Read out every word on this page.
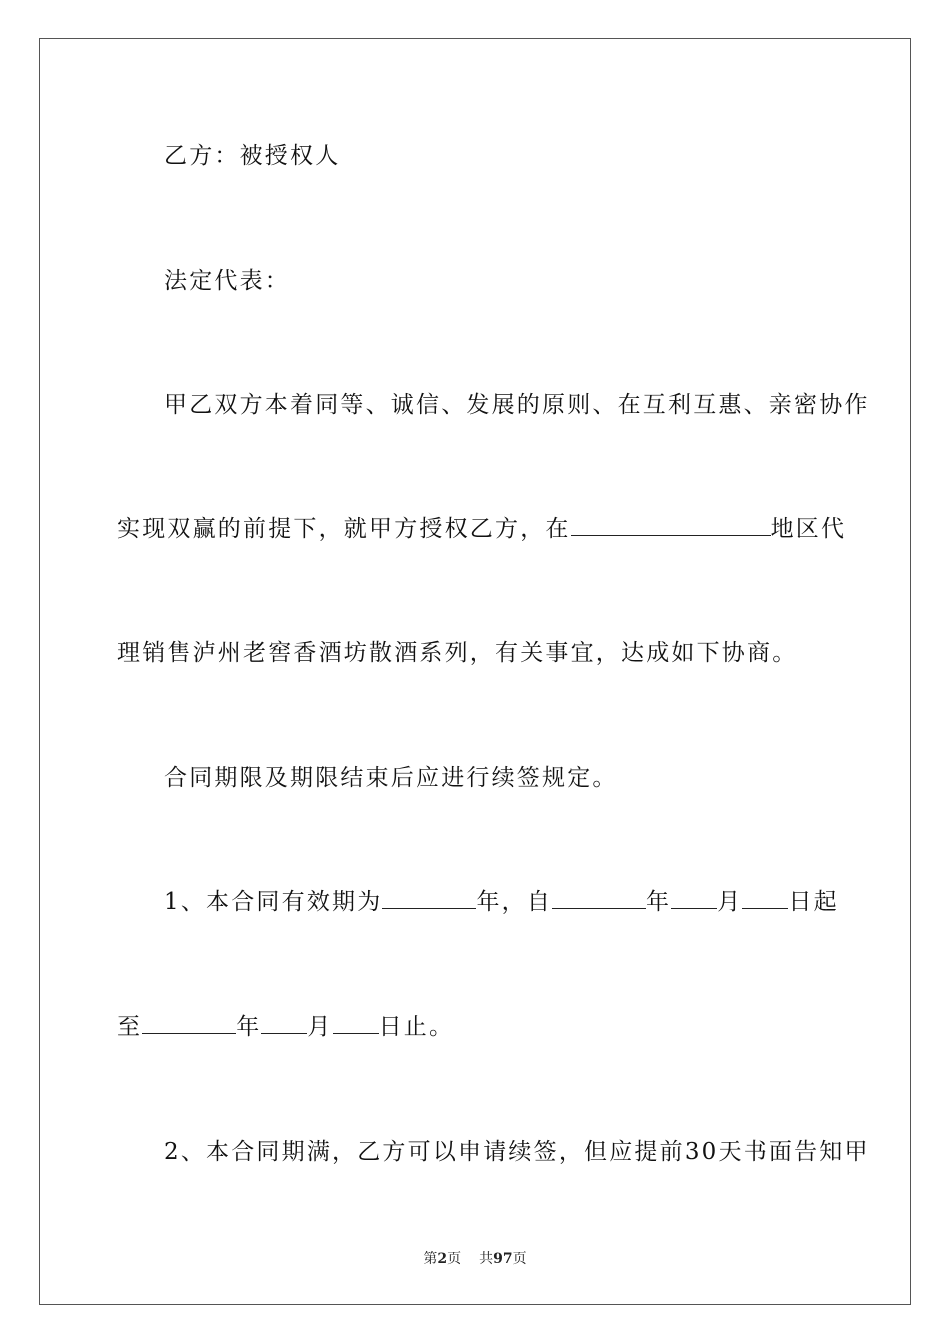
乙方：被授权人
法定代表：
甲乙双方本着同等、诚信、发展的原则、在互利互惠、亲密协作
实现双赢的前提下，就甲方授权乙方，在	地区代
理销售泸州老窖香酒坊散酒系列，有关事宜，达成如下协商。
合同期限及期限结束后应进行续签规定。
1、本合同有效期为	年，自	年 月 日起
至	年 月 日止。
2、本合同期满，乙方可以申请续签，但应提前30天书面告知甲
第2页 共97页
